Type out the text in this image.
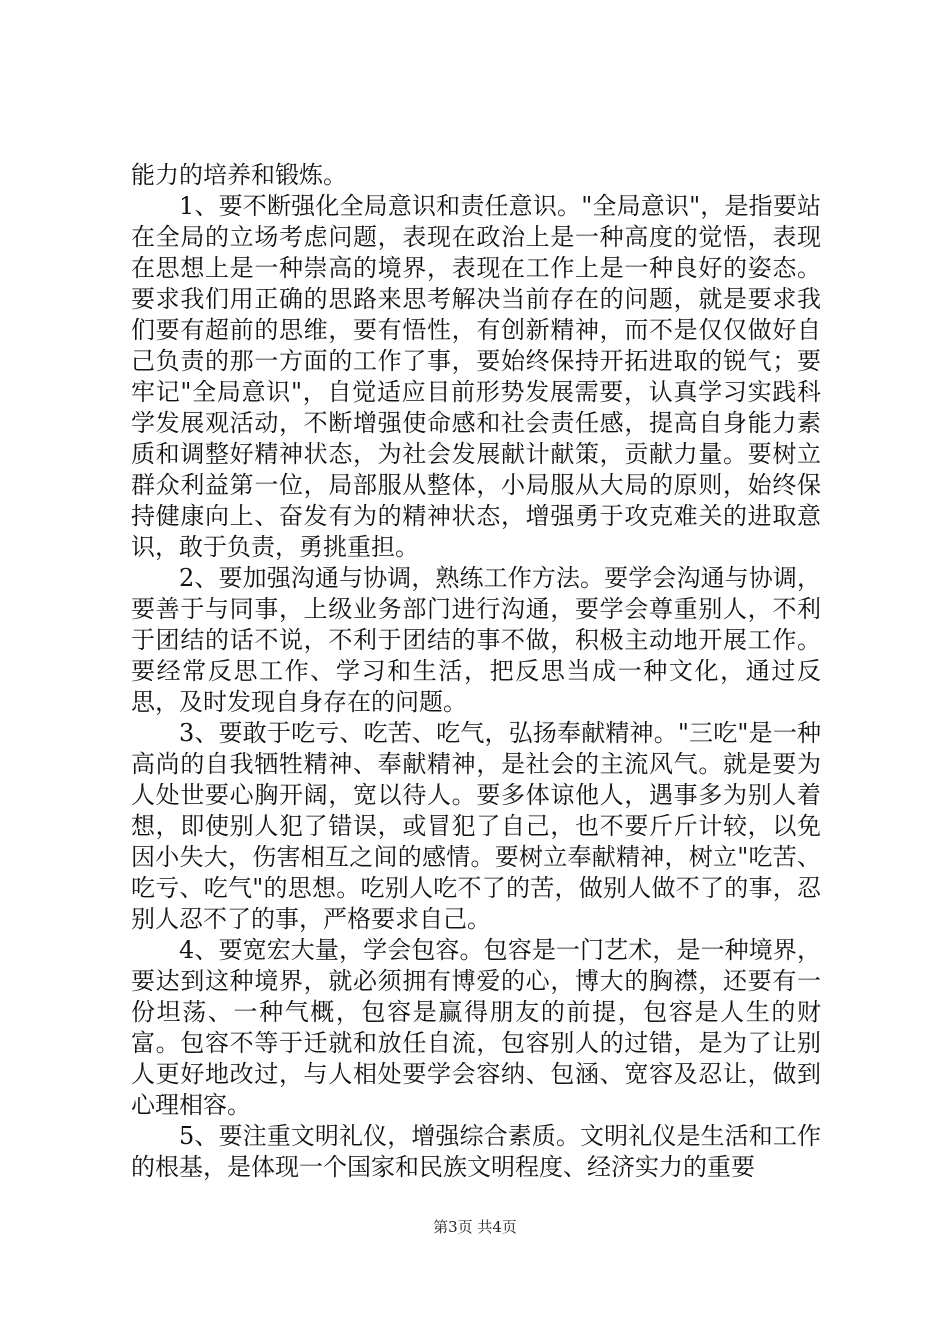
能力的培养和锻炼。

1、要不断强化全局意识和责任意识。"全局意识"，是指要站在全局的立场考虑问题，表现在政治上是一种高度的觉悟，表现在思想上是一种崇高的境界，表现在工作上是一种良好的姿态。要求我们用正确的思路来思考解决当前存在的问题，就是要求我们要有超前的思维，要有悟性，有创新精神，而不是仅仅做好自己负责的那一方面的工作了事，要始终保持开拓进取的锐气；要牢记"全局意识"，自觉适应目前形势发展需要，认真学习实践科学发展观活动，不断增强使命感和社会责任感，提高自身能力素质和调整好精神状态，为社会发展献计献策，贡献力量。要树立群众利益第一位，局部服从整体，小局服从大局的原则，始终保持健康向上、奋发有为的精神状态，增强勇于攻克难关的进取意识，敢于负责，勇挑重担。

2、要加强沟通与协调，熟练工作方法。要学会沟通与协调，要善于与同事，上级业务部门进行沟通，要学会尊重别人，不利于团结的话不说，不利于团结的事不做，积极主动地开展工作。要经常反思工作、学习和生活，把反思当成一种文化，通过反思，及时发现自身存在的问题。

3、要敢于吃亏、吃苦、吃气，弘扬奉献精神。"三吃"是一种高尚的自我牺牲精神、奉献精神，是社会的主流风气。就是要为人处世要心胸开阔，宽以待人。要多体谅他人，遇事多为别人着想，即使别人犯了错误，或冒犯了自己，也不要斤斤计较，以免因小失大，伤害相互之间的感情。要树立奉献精神，树立"吃苦、吃亏、吃气"的思想。吃别人吃不了的苦，做别人做不了的事，忍别人忍不了的事，严格要求自己。

4、要宽宏大量，学会包容。包容是一门艺术，是一种境界，要达到这种境界，就必须拥有博爱的心，博大的胸襟，还要有一份坦荡、一种气概，包容是赢得朋友的前提，包容是人生的财富。包容不等于迁就和放任自流，包容别人的过错，是为了让别人更好地改过，与人相处要学会容纳、包涵、宽容及忍让，做到心理相容。

5、要注重文明礼仪，增强综合素质。文明礼仪是生活和工作的根基，是体现一个国家和民族文明程度、经济实力的重要

第3页 共4页
